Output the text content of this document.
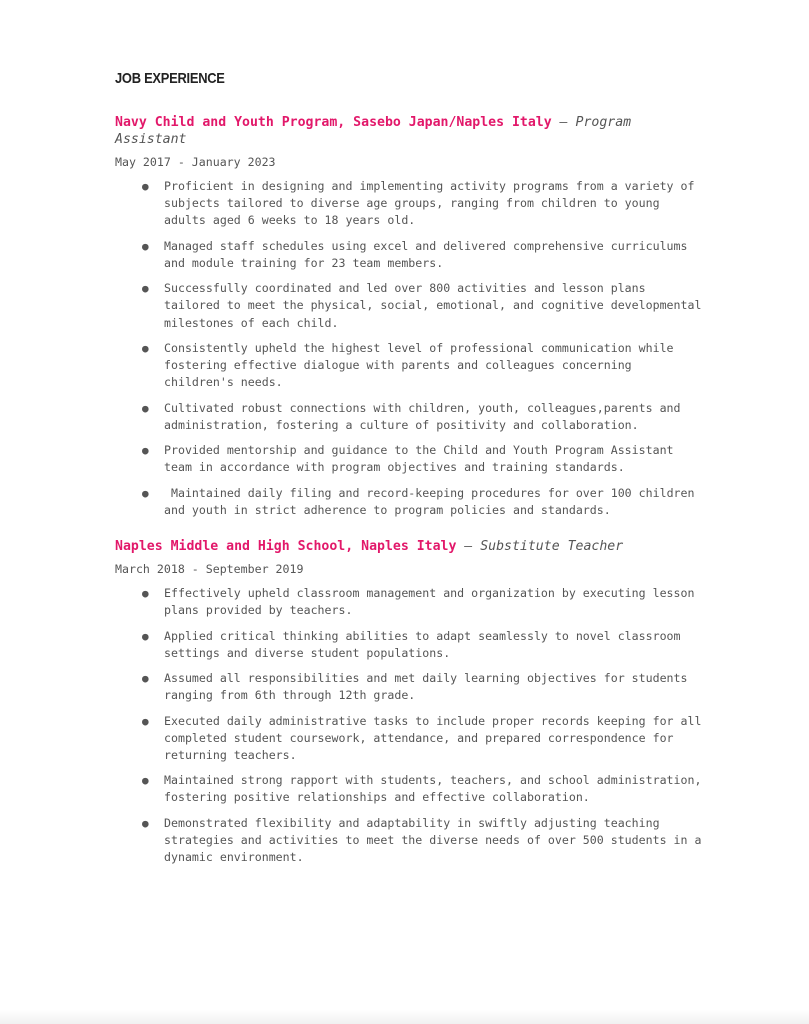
JOB EXPERIENCE

Navy Child and Youth Program, Sasebo Japan/Naples Italy — Program Assistant

May 2017 - January 2023

● Proficient in designing and implementing activity programs from a variety of subjects tailored to diverse age groups, ranging from children to young adults aged 6 weeks to 18 years old.
● Managed staff schedules using excel and delivered comprehensive curriculums and module training for 23 team members.
● Successfully coordinated and led over 800 activities and lesson plans tailored to meet the physical, social, emotional, and cognitive developmental milestones of each child.
● Consistently upheld the highest level of professional communication while fostering effective dialogue with parents and colleagues concerning children's needs.
● Cultivated robust connections with children, youth, colleagues,parents and administration, fostering a culture of positivity and collaboration.
● Provided mentorship and guidance to the Child and Youth Program Assistant team in accordance with program objectives and training standards.
● Maintained daily filing and record-keeping procedures for over 100 children and youth in strict adherence to program policies and standards.

Naples Middle and High School, Naples Italy — Substitute Teacher

March 2018 - September 2019

● Effectively upheld classroom management and organization by executing lesson plans provided by teachers.
● Applied critical thinking abilities to adapt seamlessly to novel classroom settings and diverse student populations.
● Assumed all responsibilities and met daily learning objectives for students ranging from 6th through 12th grade.
● Executed daily administrative tasks to include proper records keeping for all completed student coursework, attendance, and prepared correspondence for returning teachers.
● Maintained strong rapport with students, teachers, and school administration, fostering positive relationships and effective collaboration.
● Demonstrated flexibility and adaptability in swiftly adjusting teaching strategies and activities to meet the diverse needs of over 500 students in a dynamic environment.
